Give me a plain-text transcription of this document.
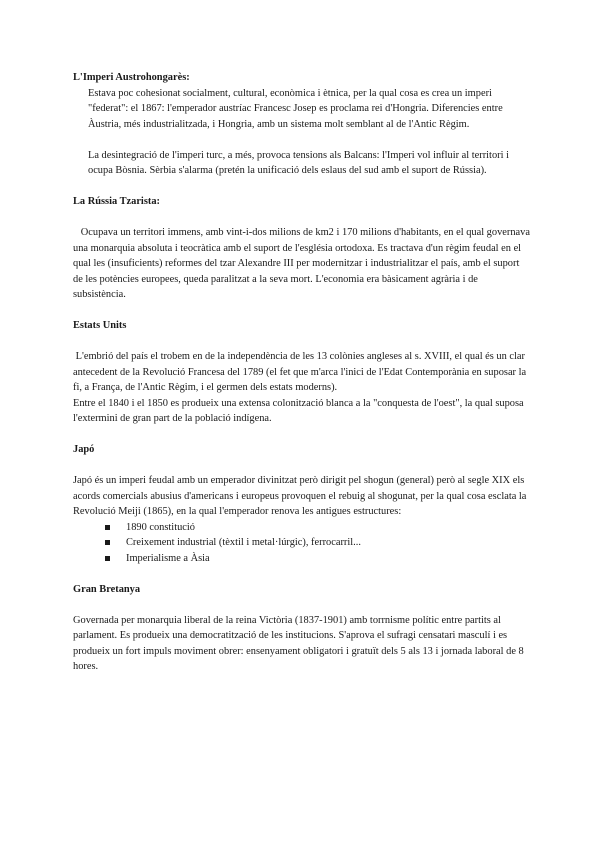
L'Imperi Austrohongarès:

Estava poc cohesionat socialment, cultural, econòmica i ètnica, per la qual cosa es crea un imperi "federat": el 1867: l'emperador austríac Francesc Josep es proclama rei d'Hongria. Diferencies entre Àustria, més industrialitzada, i Hongria, amb un sistema molt semblant al de l'Antic Règim.

La desintegració de l'imperi turc, a més, provoca tensions als Balcans: l'Imperi vol influir al territori i ocupa Bòsnia. Sèrbia s'alarma (pretén la unificació dels eslaus del sud amb el suport de Rússia).

La Rússia Tzarista:

Ocupava un territori immens, amb vint-i-dos milions de km2 i 170 milions d'habitants, en el qual governava una monarquia absoluta i teocràtica amb el suport de l'església ortodoxa. Es tractava d'un règim feudal en el qual les (insuficients) reformes del tzar Alexandre III per modernitzar i industrialitzar el país, amb el suport de les potències europees, queda paralitzat a la seva mort. L'economia era bàsicament agrària i de subsistència.

Estats Units

L'embrió del país el trobem en de la independència de les 13 colònies angleses al s. XVIII, el qual és un clar antecedent de la Revolució Francesa del 1789 (el fet que m'arca l'inici de l'Edat Contemporània en suposar la fi, a França, de l'Antic Règim, i el germen dels estats moderns).

Entre el 1840 i el 1850 es produeix una extensa colonització blanca a la "conquesta de l'oest", la qual suposa l'extermini de gran part de la població indígena.

Japó

Japó és un imperi feudal amb un emperador divinitzat però dirigit pel shogun (general) però al segle XIX els acords comercials abusius d'americans i europeus provoquen el rebuig al shogunat, per la qual cosa esclata la Revolució Meiji (1865), en la qual l'emperador renova les antigues estructures:

1890 constitució
Creixement industrial (tèxtil i metal·lúrgic), ferrocarril...
Imperialisme a Àsia
Gran Bretanya

Governada per monarquia liberal de la reina Victòria (1837-1901) amb torrnisme polític entre partits al parlament. Es produeix una democratització de les institucions. S'aprova el sufragi censatari masculí i es produeix un fort impuls moviment obrer: ensenyament obligatori i gratuït dels 5 als 13 i jornada laboral de 8 hores.
